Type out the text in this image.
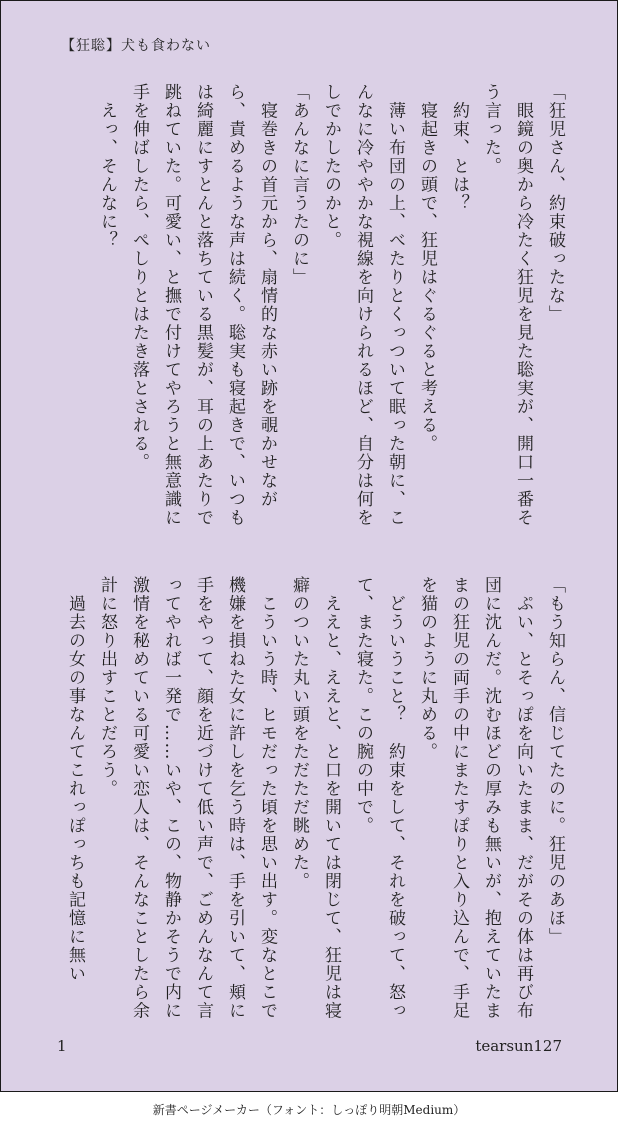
【狂聡】犬も食わない

「狂児さん、約束破ったな」

　眼鏡の奥から冷たく狂児を見た聡実が、開口一番そう言った。

　約束、とは？

　寝起きの頭で、狂児はぐるぐると考える。

　薄い布団の上、べたりとくっついて眠った朝に、こんなに冷ややかな視線を向けられるほど、自分は何をしでかしたのかと。

「あんなに言うたのに」

　寝巻きの首元から、扇情的な赤い跡を覗かせながら、責めるような声は続く。聡実も寝起きで、いつもは綺麗にすとんと落ちている黒髪が、耳の上あたりで跳ねていた。可愛い、と撫で付けてやろうと無意識に手を伸ばしたら、ぺしりとはたき落とされる。

　えっ、そんなに？

「もう知らん、信じてたのに。狂児のあほ」

　ぷい、とそっぽを向いたまま、だがその体は再び布団に沈んだ。沈むほどの厚みも無いが、抱えていたままの狂児の両手の中にまたすぽりと入り込んで、手足を猫のように丸める。

　どういうこと？　約束をして、それを破って、怒って、また寝た。この腕の中で。

　ええと、ええと、と口を開いては閉じて、狂児は寝癖のついた丸い頭をただただ眺めた。

　こういう時、ヒモだった頃を思い出す。変なとこで機嫌を損ねた女に許しを乞う時は、手を引いて、頬に手をやって、顔を近づけて低い声で、ごめんなんて言ってやれば一発で……いや、この、物静かそうで内に激情を秘めている可愛い恋人は、そんなことしたら余計に怒り出すことだろう。

　過去の女の事なんてこれっぽっちも記憶に無い

1	tearsun127
新書ページメーカー（フォント：しっぽり明朝Medium）
